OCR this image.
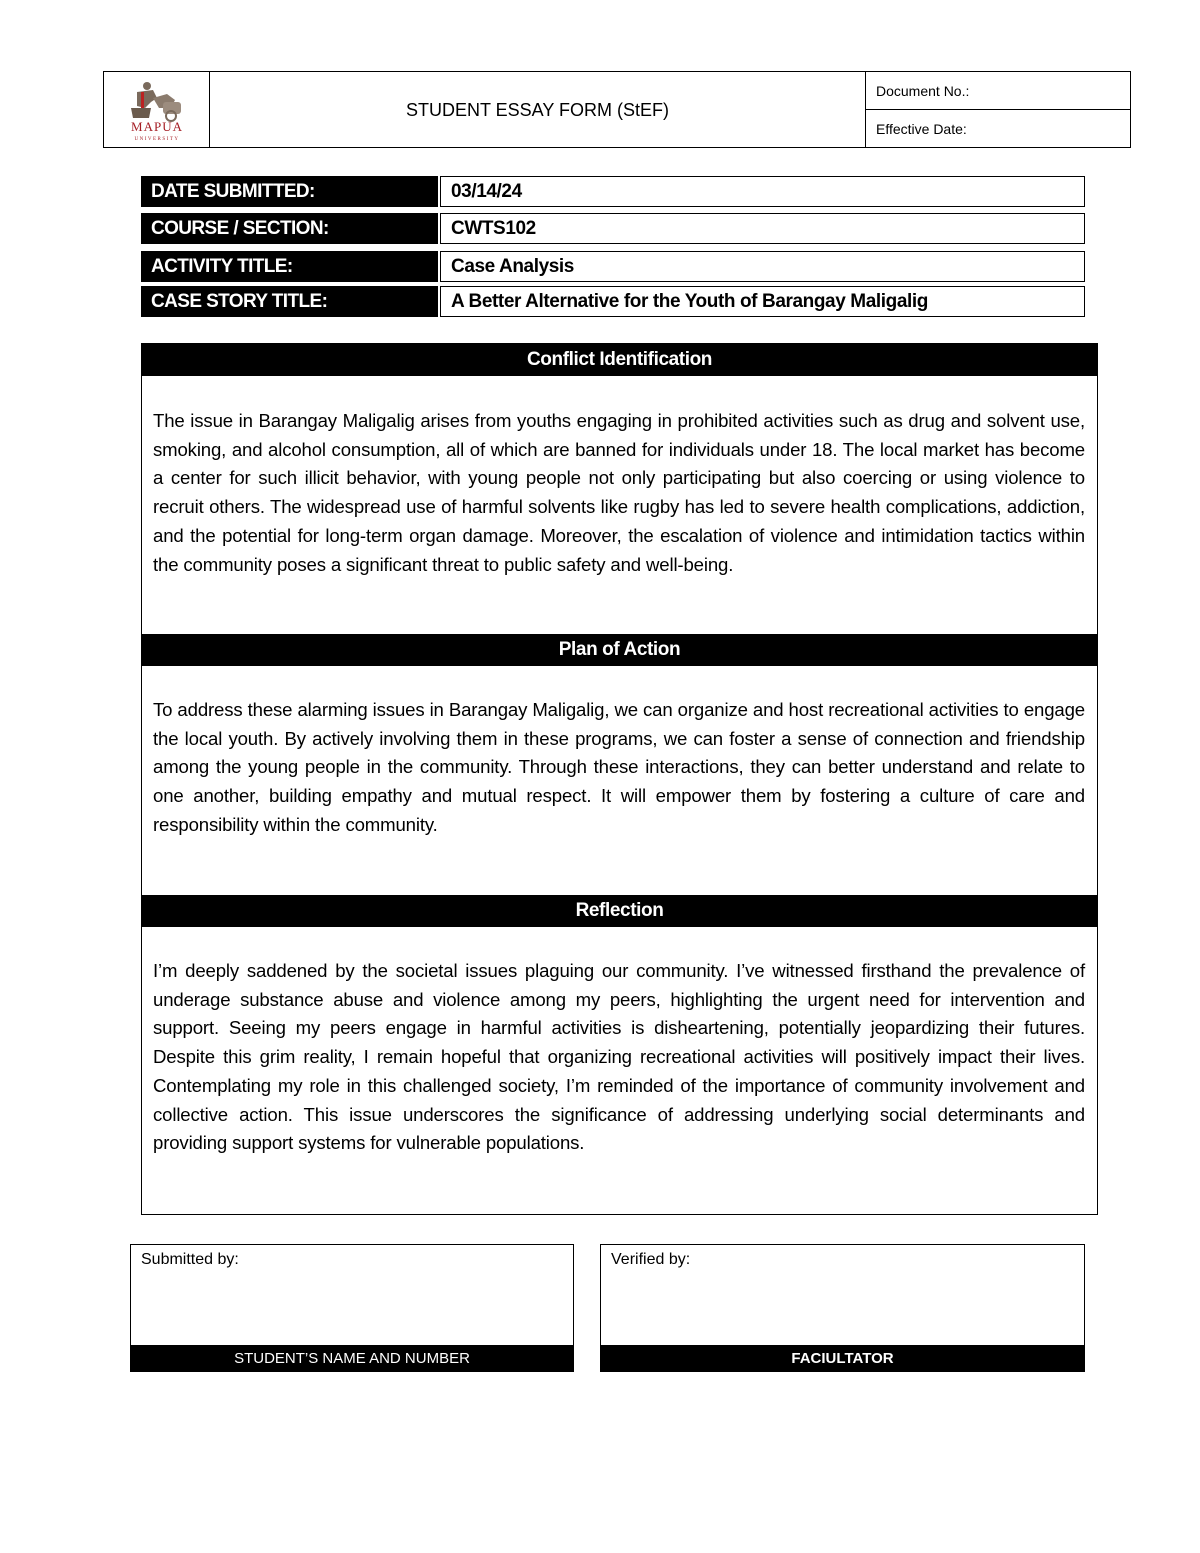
MAPUA
UNIVERSITY
STUDENT ESSAY FORM (StEF)
Document No.:
Effective Date:
DATE SUBMITTED:	03/14/24
COURSE / SECTION:	CWTS102
ACTIVITY TITLE:	Case Analysis
CASE STORY TITLE:	A Better Alternative for the Youth of Barangay Maligalig
Conflict Identification
The issue in Barangay Maligalig arises from youths engaging in prohibited activities such as drug and solvent use, smoking, and alcohol consumption, all of which are banned for individuals under 18. The local market has become a center for such illicit behavior, with young people not only participating but also coercing or using violence to recruit others. The widespread use of harmful solvents like rugby has led to severe health complications, addiction, and the potential for long-term organ damage. Moreover, the escalation of violence and intimidation tactics within the community poses a significant threat to public safety and well-being.
Plan of Action
To address these alarming issues in Barangay Maligalig, we can organize and host recreational activities to engage the local youth. By actively involving them in these programs, we can foster a sense of connection and friendship among the young people in the community. Through these interactions, they can better understand and relate to one another, building empathy and mutual respect. It will empower them by fostering a culture of care and responsibility within the community.
Reflection
I’m deeply saddened by the societal issues plaguing our community. I’ve witnessed firsthand the prevalence of underage substance abuse and violence among my peers, highlighting the urgent need for intervention and support. Seeing my peers engage in harmful activities is disheartening, potentially jeopardizing their futures. Despite this grim reality, I remain hopeful that organizing recreational activities will positively impact their lives. Contemplating my role in this challenged society, I’m reminded of the importance of community involvement and collective action. This issue underscores the significance of addressing underlying social determinants and providing support systems for vulnerable populations.
Submitted by:
STUDENT’S NAME AND NUMBER
Verified by:
FACIULTATOR
